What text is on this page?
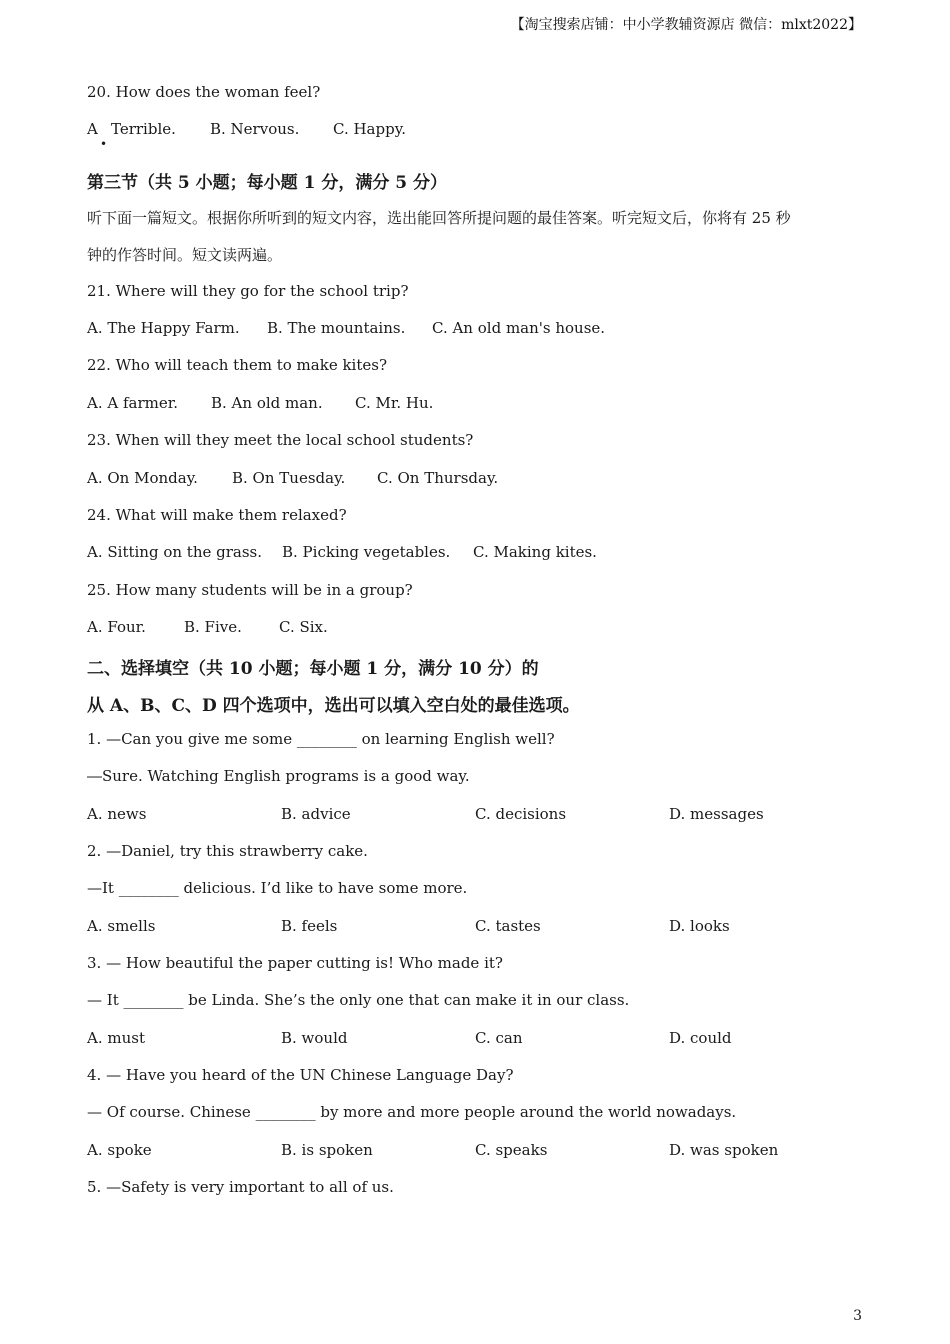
【淘宝搜索店铺：中小学教辅资源店 微信：mlxt2022】
20. How does the woman feel?
A Terrible. B. Nervous. C. Happy.
•
第三节（共 5 小题；每小题 1 分，满分 5 分）
听下面一篇短文。根据你所听到的短文内容，选出能回答所提问题的最佳答案。听完短文后，你将有 25 秒
钟的作答时间。短文读两遍。
21. Where will they go for the school trip?
A. The Happy Farm. B. The mountains. C. An old man's house.
22. Who will teach them to make kites?
A. A farmer. B. An old man. C. Mr. Hu.
23. When will they meet the local school students?
A. On Monday. B. On Tuesday. C. On Thursday.
24. What will make them relaxed?
A. Sitting on the grass. B. Picking vegetables. C. Making kites.
25. How many students will be in a group?
A. Four.	B. Five. C. Six.
二、选择填空（共 10 小题；每小题 1 分，满分 10 分）的
从 A、B、C、D 四个选项中，选出可以填入空白处的最佳选项。
1. —Can you give me some ________ on learning English well?
―Sure. Watching English programs is a good way.
A. news	B. advice	C. decisions	D. messages
2. —Daniel, try this strawberry cake.
—It ________ delicious. I’d like to have some more.
A. smells	B. feels	C. tastes	D. looks
3. — How beautiful the paper cutting is! Who made it?
— It ________ be Linda. She’s the only one that can make it in our class.
A. must	B. would	C. can	D. could
4. — Have you heard of the UN Chinese Language Day?
— Of course. Chinese ________ by more and more people around the world nowadays.
A. spoke	B. is spoken	C. speaks	D. was spoken
5. —Safety is very important to all of us.
3
